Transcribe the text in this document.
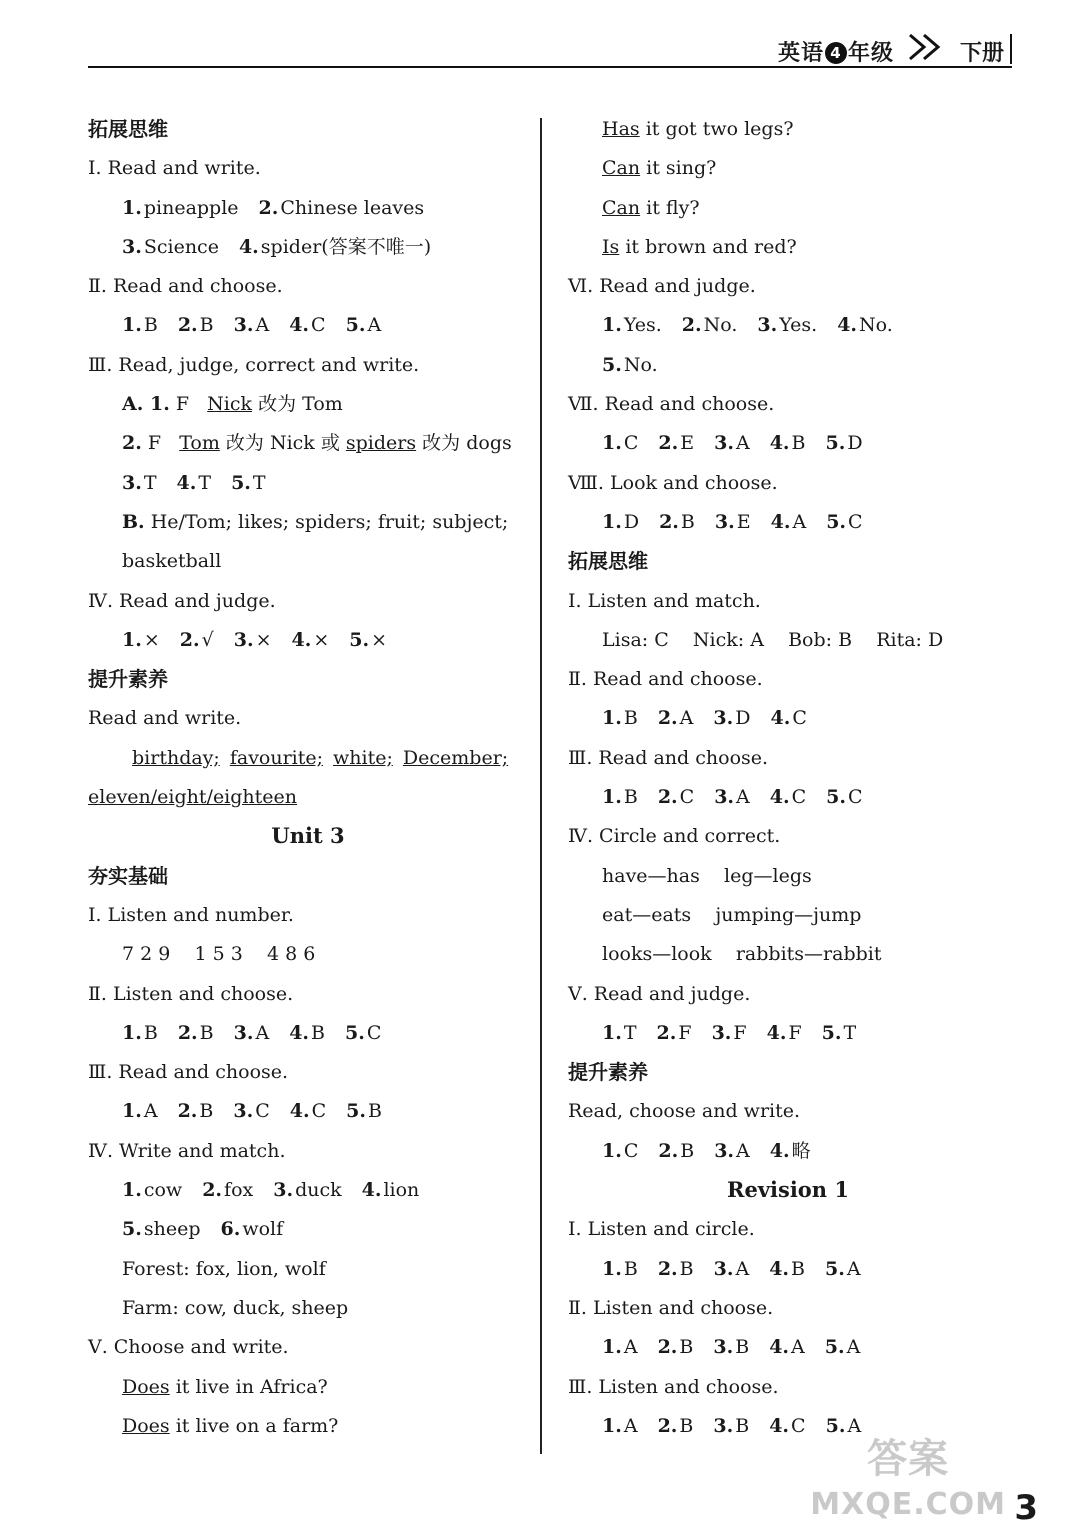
英语 4 年级	下册
拓展思维
Ⅰ. Read and write.
1. pineapple 2. Chinese leaves
3. Science 4. spider(答案不唯一)
Ⅱ. Read and choose.
1. B 2. B 3. A 4. C 5. A
Ⅲ. Read, judge, correct and write.
A. 1. F Nick 改为 Tom
2. F Tom 改为 Nick 或 spiders 改为 dogs
3. T 4. T 5. T
B. He/Tom; likes; spiders; fruit; subject;
basketball
Ⅳ. Read and judge.
1. × 2. √ 3. × 4. × 5. ×
提升素养
Read and write.
birthday; favourite; white; December;
eleven/eight/eighteen
Unit 3
夯实基础
Ⅰ. Listen and number.
7 2 9    1 5 3    4 8 6
Ⅱ. Listen and choose.
1. B 2. B 3. A 4. B 5. C
Ⅲ. Read and choose.
1. A 2. B 3. C 4. C 5. B
Ⅳ. Write and match.
1. cow 2. fox 3. duck 4. lion
5. sheep 6. wolf
Forest: fox, lion, wolf
Farm: cow, duck, sheep
Ⅴ. Choose and write.
Does it live in Africa?
Does it live on a farm?
Has it got two legs?
Can it sing?
Can it fly?
Is it brown and red?
Ⅵ. Read and judge.
1. Yes. 2. No. 3. Yes. 4. No.
5. No.
Ⅶ. Read and choose.
1. C 2. E 3. A 4. B 5. D
Ⅷ. Look and choose.
1. D 2. B 3. E 4. A 5. C
拓展思维
Ⅰ. Listen and match.
Lisa: C    Nick: A    Bob: B    Rita: D
Ⅱ. Read and choose.
1. B 2. A 3. D 4. C
Ⅲ. Read and choose.
1. B 2. C 3. A 4. C 5. C
Ⅳ. Circle and correct.
have—has    leg—legs
eat—eats    jumping—jump
looks—look    rabbits—rabbit
Ⅴ. Read and judge.
1. T 2. F 3. F 4. F 5. T
提升素养
Read, choose and write.
1. C 2. B 3. A 4. 略
Revision 1
Ⅰ. Listen and circle.
1. B 2. B 3. A 4. B 5. A
Ⅱ. Listen and choose.
1. A 2. B 3. B 4. A 5. A
Ⅲ. Listen and choose.
1. A 2. B 3. B 4. C 5. A
答案
MXQE.COM 3
